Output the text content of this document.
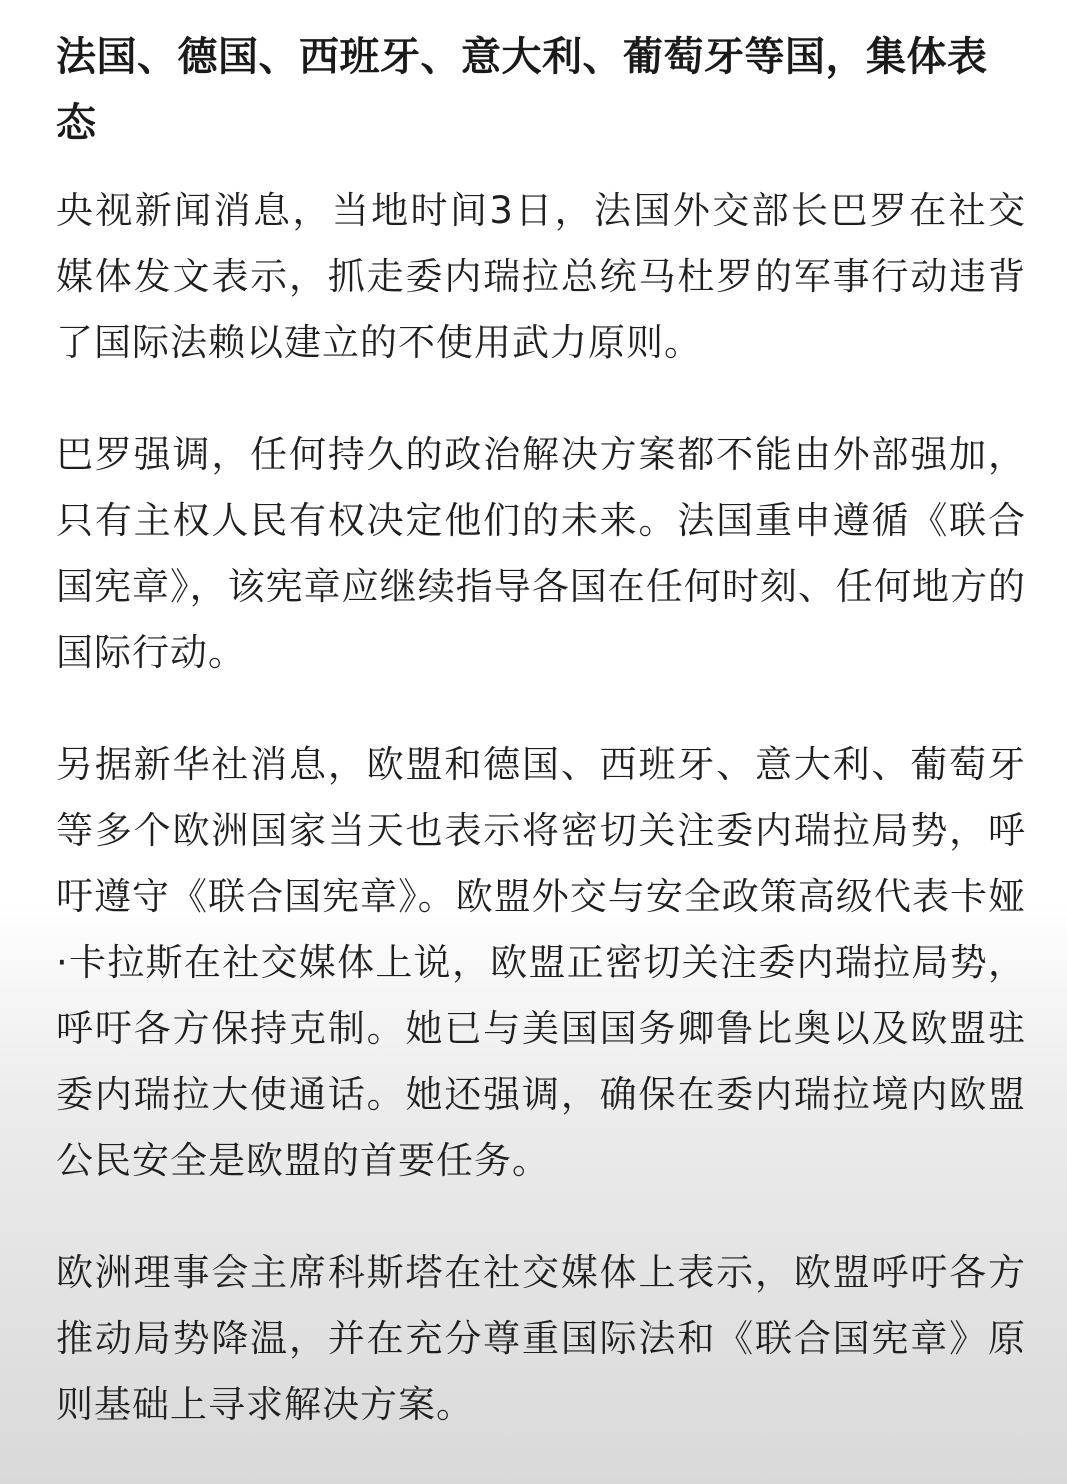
法国、德国、西班牙、意大利、葡萄牙等国，集体表态

央视新闻消息，当地时间3日，法国外交部长巴罗在社交媒体发文表示，抓走委内瑞拉总统马杜罗的军事行动违背了国际法赖以建立的不使用武力原则。

巴罗强调，任何持久的政治解决方案都不能由外部强加，只有主权人民有权决定他们的未来。法国重申遵循《联合国宪章》，该宪章应继续指导各国在任何时刻、任何地方的国际行动。

另据新华社消息，欧盟和德国、西班牙、意大利、葡萄牙等多个欧洲国家当天也表示将密切关注委内瑞拉局势，呼吁遵守《联合国宪章》。欧盟外交与安全政策高级代表卡娅·卡拉斯在社交媒体上说，欧盟正密切关注委内瑞拉局势，呼吁各方保持克制。她已与美国国务卿鲁比奥以及欧盟驻委内瑞拉大使通话。她还强调，确保在委内瑞拉境内欧盟公民安全是欧盟的首要任务。

欧洲理事会主席科斯塔在社交媒体上表示，欧盟呼吁各方推动局势降温，并在充分尊重国际法和《联合国宪章》原则基础上寻求解决方案。
